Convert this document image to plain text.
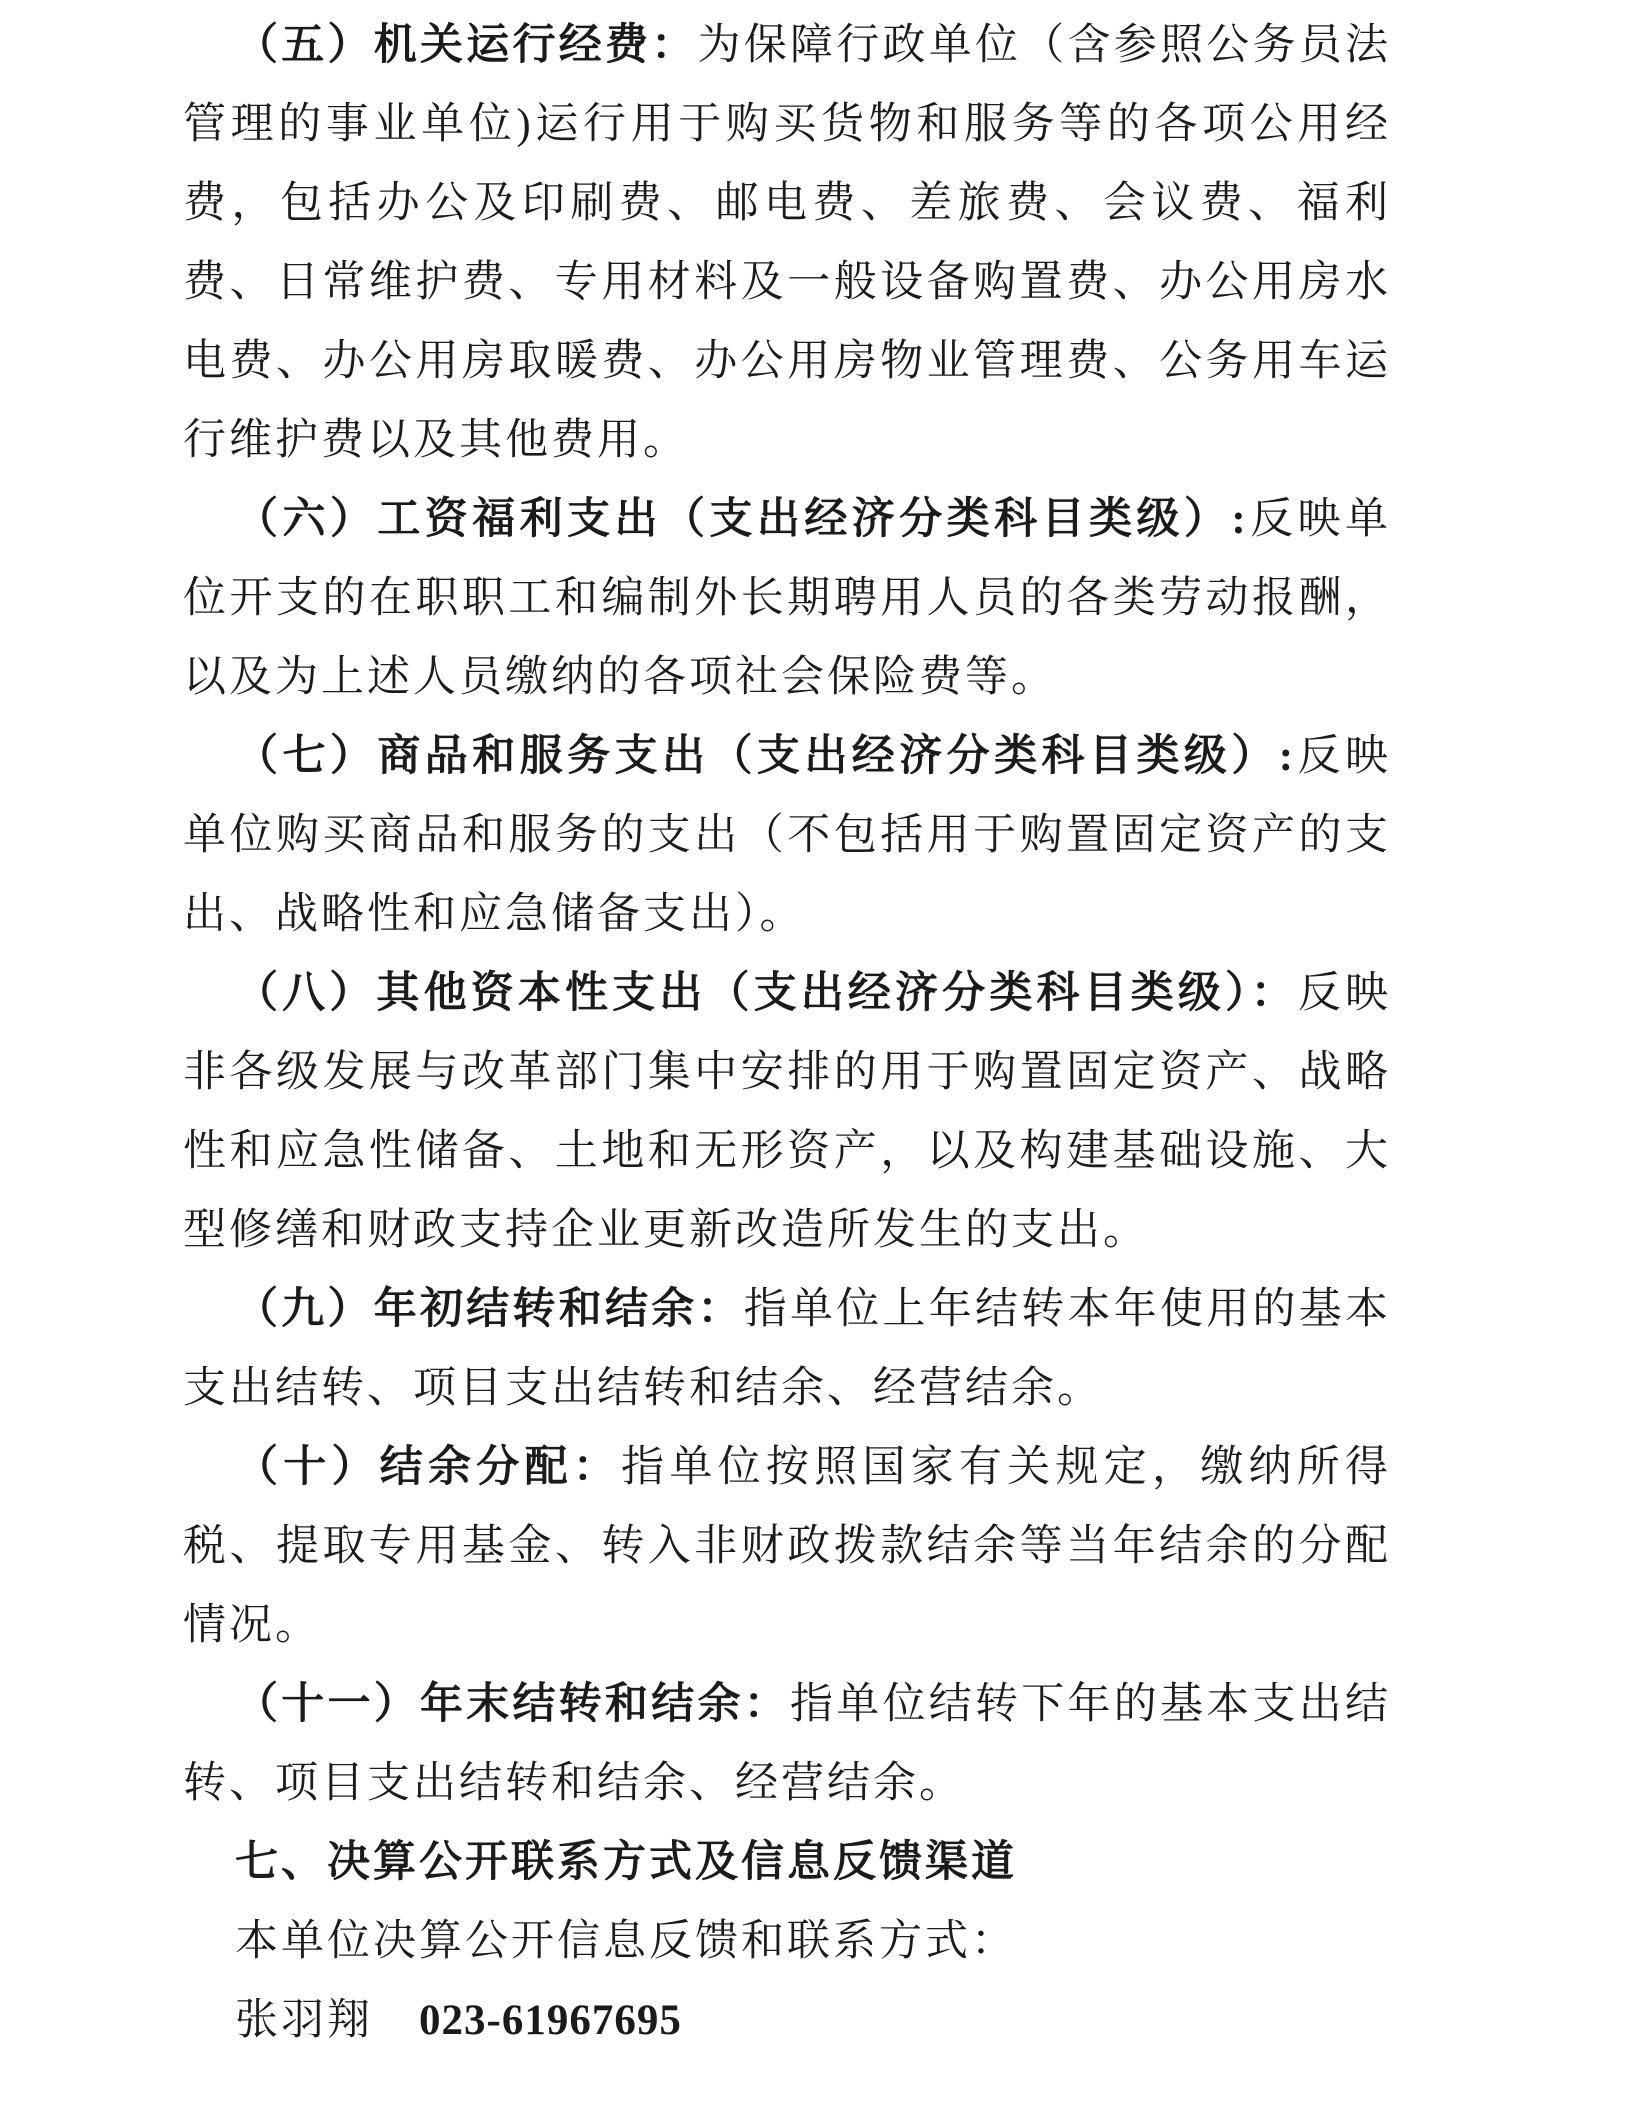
（五）机关运行经费：为保障行政单位（含参照公务员法管理的事业单位)运行用于购买货物和服务等的各项公用经费，包括办公及印刷费、邮电费、差旅费、会议费、福利费、日常维护费、专用材料及一般设备购置费、办公用房水电费、办公用房取暖费、办公用房物业管理费、公务用车运行维护费以及其他费用。

（六）工资福利支出（支出经济分类科目类级）:反映单位开支的在职职工和编制外长期聘用人员的各类劳动报酬，以及为上述人员缴纳的各项社会保险费等。

（七）商品和服务支出（支出经济分类科目类级）:反映单位购买商品和服务的支出（不包括用于购置固定资产的支出、战略性和应急储备支出）。

（八）其他资本性支出（支出经济分类科目类级）：反映非各级发展与改革部门集中安排的用于购置固定资产、战略性和应急性储备、土地和无形资产，以及构建基础设施、大型修缮和财政支持企业更新改造所发生的支出。

（九）年初结转和结余：指单位上年结转本年使用的基本支出结转、项目支出结转和结余、经营结余。

（十）结余分配：指单位按照国家有关规定，缴纳所得税、提取专用基金、转入非财政拨款结余等当年结余的分配情况。

（十一）年末结转和结余：指单位结转下年的基本支出结转、项目支出结转和结余、经营结余。

七、决算公开联系方式及信息反馈渠道

本单位决算公开信息反馈和联系方式：

张羽翔 023-61967695
